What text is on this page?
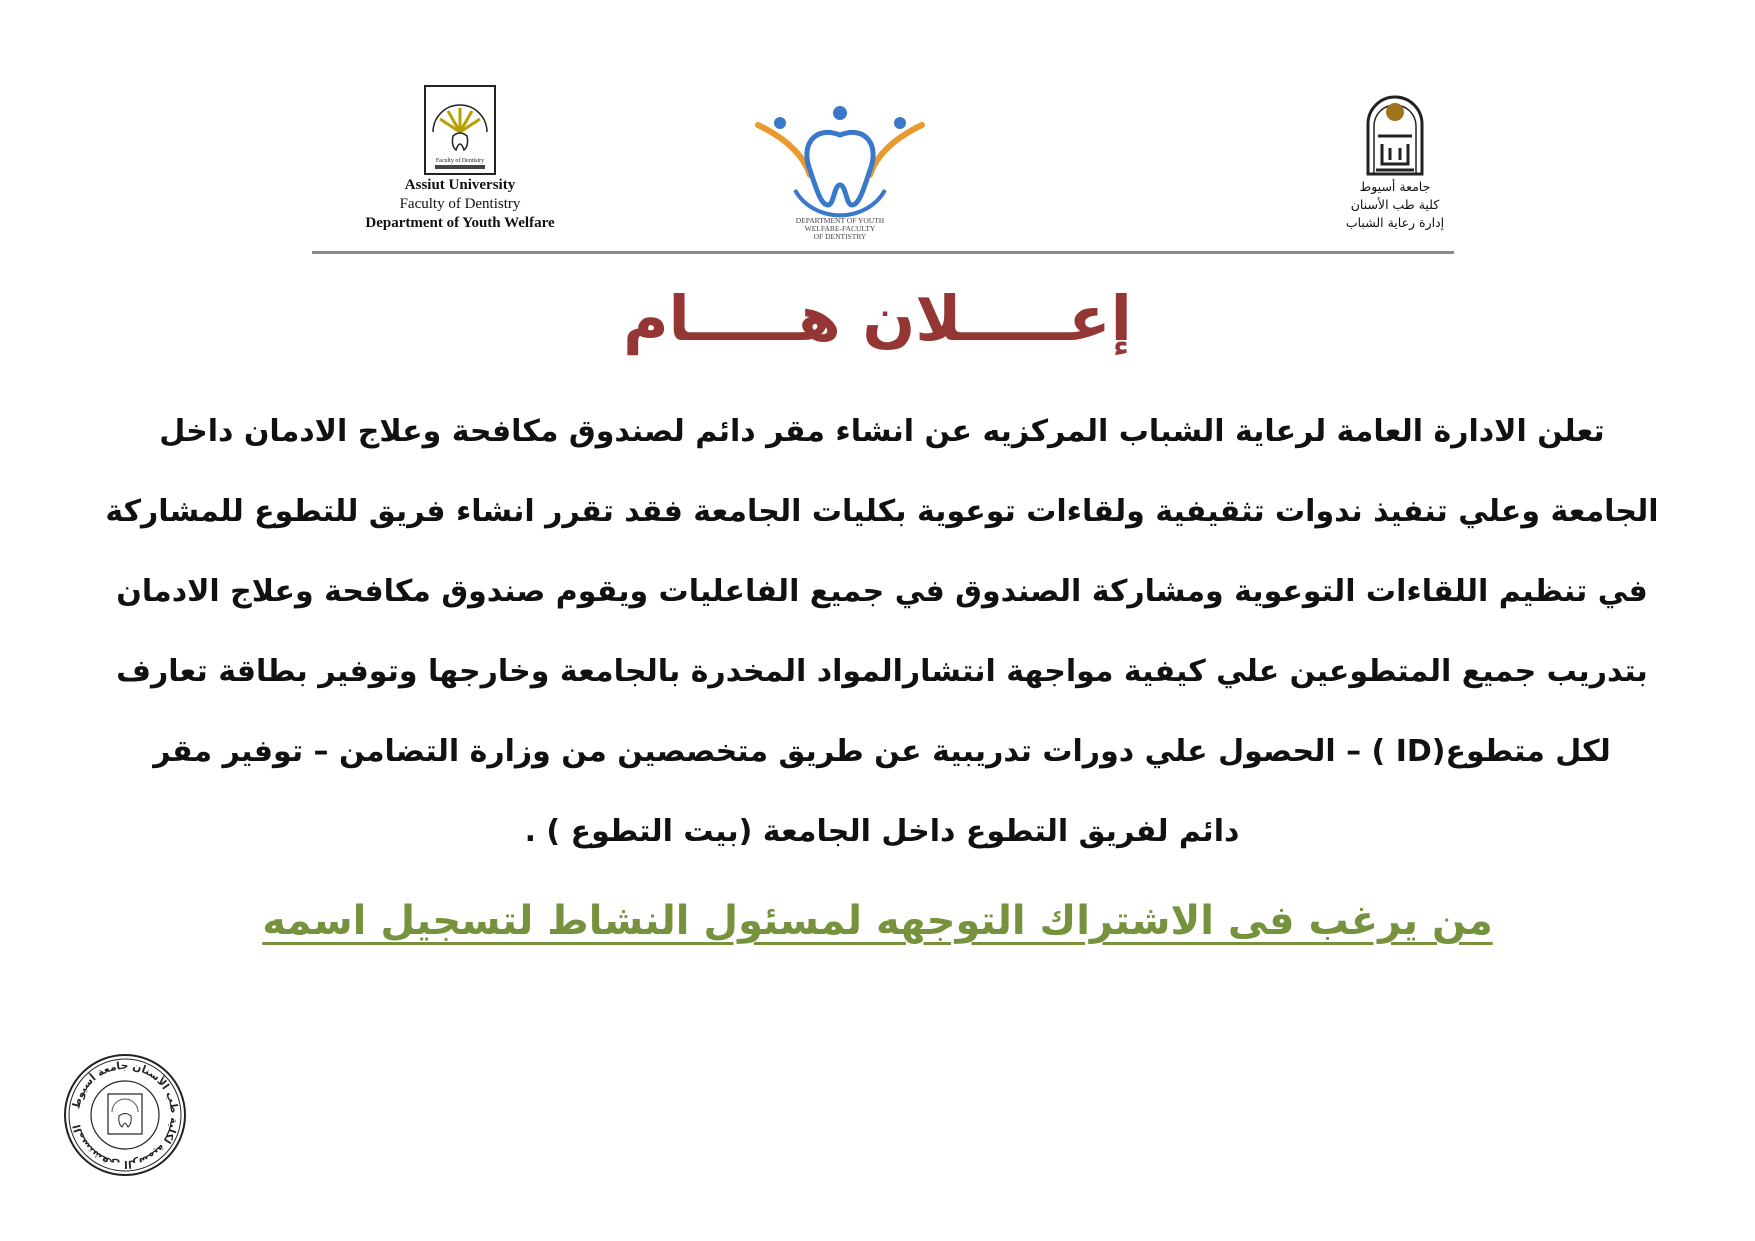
Faculty of Dentistry
Assiut University
Faculty of Dentistry
Department of Youth Welfare	DEPARTMENT OF YOUTH
WELFARE-FACULTY
OF DENTISTRY
جامعة أسيوط
كلية طب الأسنان
إدارة رعاية الشباب
إعـــــلان هـــــام
تعلن الادارة العامة لرعاية الشباب المركزيه عن انشاء مقر دائم لصندوق مكافحة وعلاج الادمان داخل
الجامعة وعلي تنفيذ ندوات تثقيفية ولقاءات توعوية بكليات الجامعة فقد تقرر انشاء فريق للتطوع للمشاركة
في تنظيم اللقاءات التوعوية ومشاركة الصندوق في جميع الفاعليات ويقوم صندوق مكافحة وعلاج الادمان
بتدريب جميع المتطوعين علي كيفية مواجهة انتشارالمواد المخدرة بالجامعة وخارجها وتوفير بطاقة تعارف
لكل متطوع(ID ) – الحصول علي دورات تدريبية عن طريق متخصصين من وزارة التضامن – توفير مقر
دائم لفريق التطوع داخل الجامعة (بيت التطوع ) .
من يرغب فى الاشتراك التوجهه لمسئول النشاط لتسجيل اسمه
المستشفى الرسمية لكلية طب الأسنان جامعة أسيوط
